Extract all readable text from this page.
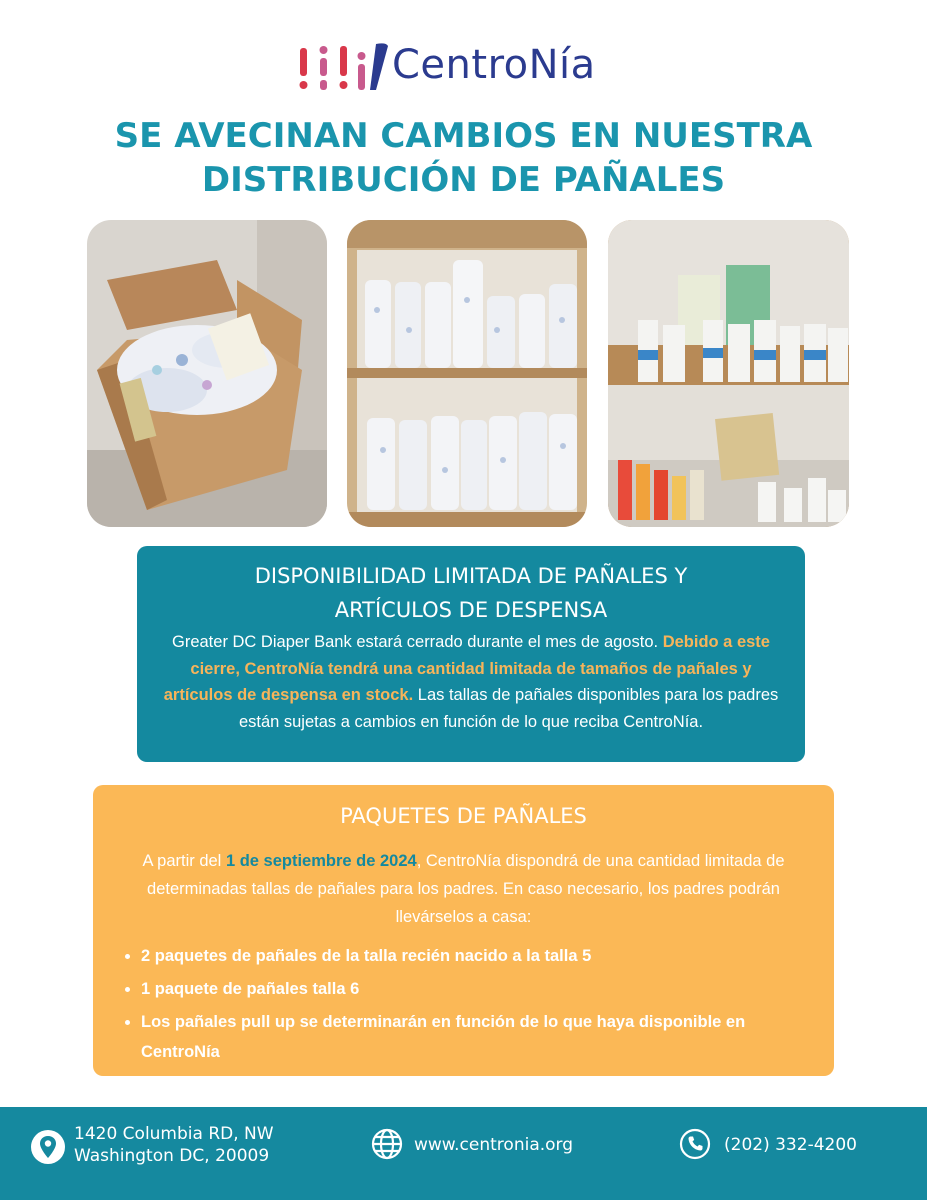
CentroNía
SE AVECINAN CAMBIOS EN NUESTRA
DISTRIBUCIÓN DE PAÑALES
DISPONIBILIDAD LIMITADA DE PAÑALES Y
ARTÍCULOS DE DESPENSA

Greater DC Diaper Bank estará cerrado durante el mes de agosto. Debido a este cierre, CentroNía tendrá una cantidad limitada de tamaños de pañales y artículos de despensa en stock. Las tallas de pañales disponibles para los padres están sujetas a cambios en función de lo que reciba CentroNía.

PAQUETES DE PAÑALES

A partir del 1 de septiembre de 2024, CentroNía dispondrá de una cantidad limitada de determinadas tallas de pañales para los padres. En caso necesario, los padres podrán llevárselos a casa:

2 paquetes de pañales de la talla recién nacido a la talla 5
1 paquete de pañales talla 6
Los pañales pull up se determinarán en función de lo que haya disponible en CentroNía
1420 Columbia RD, NW
Washington DC, 20009
www.centronia.org	(202) 332-4200
